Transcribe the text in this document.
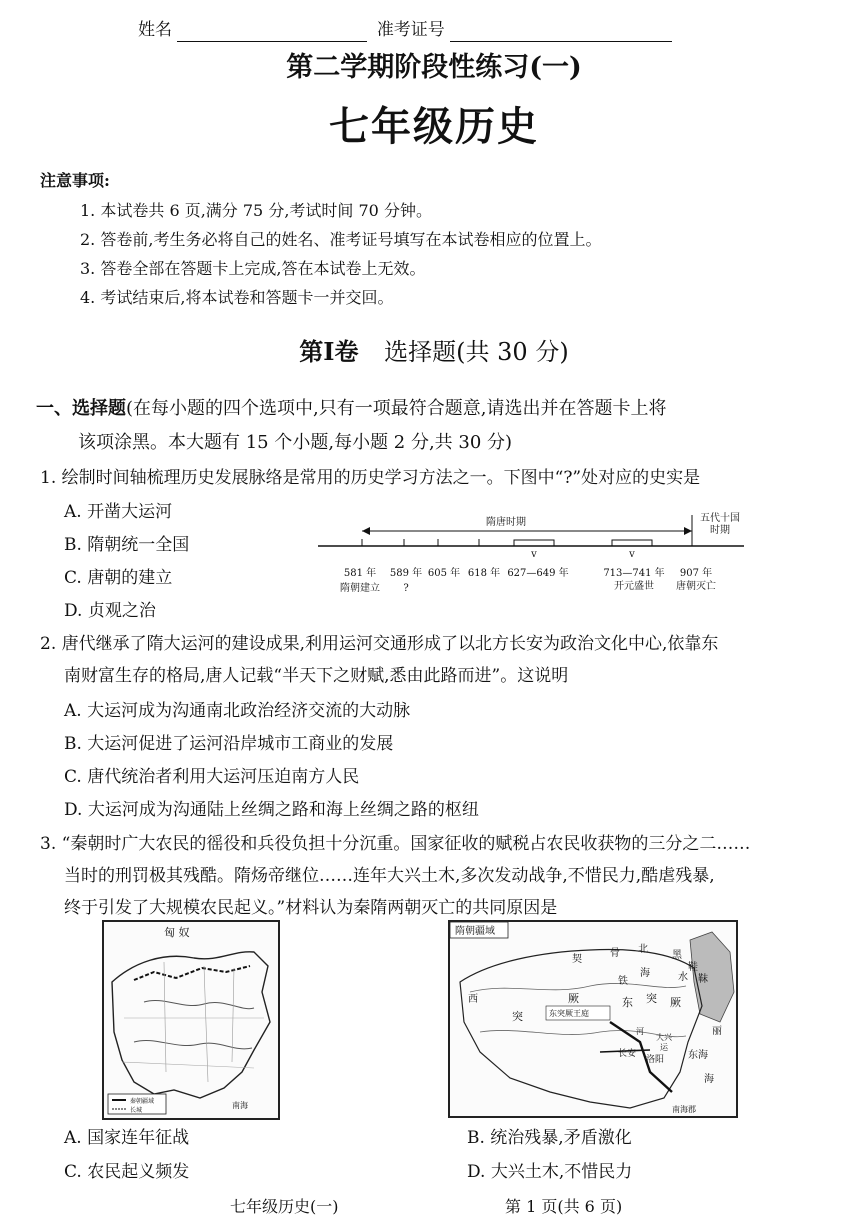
姓名	准考证号
第二学期阶段性练习(一)
七年级历史
注意事项:
1. 本试卷共 6 页,满分 75 分,考试时间 70 分钟。
2. 答卷前,考生务必将自己的姓名、准考证号填写在本试卷相应的位置上。
3. 答卷全部在答题卡上完成,答在本试卷上无效。
4. 考试结束后,将本试卷和答题卡一并交回。
第Ⅰ卷 选择题(共 30 分)
一、选择题(在每小题的四个选项中,只有一项最符合题意,请选出并在答题卡上将
该项涂黑。本大题有 15 个小题,每小题 2 分,共 30 分)
1. 绘制时间轴梳理历史发展脉络是常用的历史学习方法之一。下图中“?”处对应的史实是
A. 开凿大运河
B. 隋朝统一全国
C. 唐朝的建立
D. 贞观之治
隋唐时期	五代十国
时期
v	v
581 年 589 年 605 年 618 年 627—649 年	713—741 年 907 年
隋朝建立 ?	开元盛世 唐朝灭亡
2. 唐代继承了隋大运河的建设成果,利用运河交通形成了以北方长安为政治文化中心,依靠东
南财富生存的格局,唐人记载“半天下之财赋,悉由此路而进”。这说明
A. 大运河成为沟通南北政治经济交流的大动脉
B. 大运河促进了运河沿岸城市工商业的发展
C. 唐代统治者利用大运河压迫南方人民
D. 大运河成为沟通陆上丝绸之路和海上丝绸之路的枢纽
3. “秦朝时广大农民的徭役和兵役负担十分沉重。国家征收的赋税占农民收获物的三分之二……
当时的刑罚极其残酷。隋炀帝继位……连年大兴土木,多次发动战争,不惜民力,酷虐残暴,
终于引发了大规模农民起义。”材料认为秦隋两朝灭亡的共同原因是
匈 奴
秦朝疆域
长城
南海
隋朝疆域
东突厥王庭
契
骨 北
黑
鞋
西
铁
海	水 靺
突
厥	东 突 厥
丽
大兴
河
长安
洛阳
运
东海
海
南海郡
A. 国家连年征战	B. 统治残暴,矛盾激化
C. 农民起义频发	D. 大兴土木,不惜民力
七年级历史(一)	第 1 页(共 6 页)
